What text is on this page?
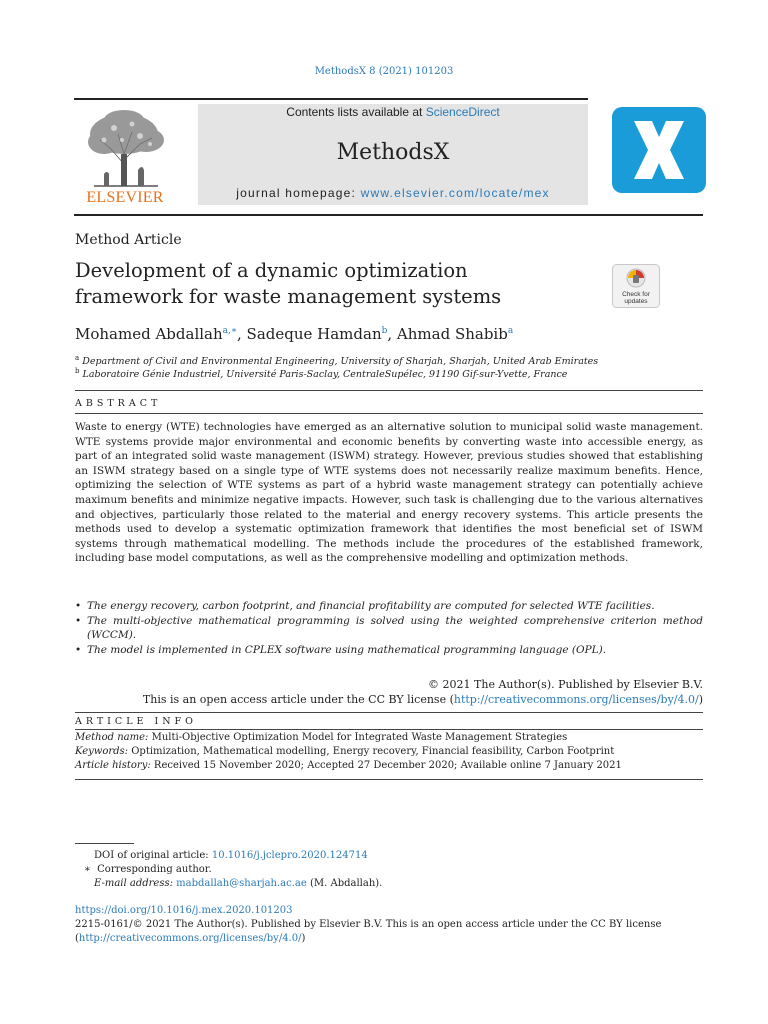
MethodsX 8 (2021) 101203
ELSEVIER
Contents lists available at ScienceDirect
MethodsX
journal homepage: www.elsevier.com/locate/mex
Method Article
Development of a dynamic optimization
framework for waste management systems	Check for
updates
Mohamed Abdallah$^{a,∗}$, Sadeque Hamdan$^b$, Ahmad Shabib$^a$
$^a$ Department of Civil and Environmental Engineering, University of Sharjah, Sharjah, United Arab Emirates
$^b$ Laboratoire Génie Industriel, Université Paris-Saclay, CentraleSupélec, 91190 Gif-sur-Yvette, France
ABSTRACT
Waste to energy (WTE) technologies have emerged as an alternative solution to municipal solid waste management. WTE systems provide major environmental and economic benefits by converting waste into accessible energy, as part of an integrated solid waste management (ISWM) strategy. However, previous studies showed that establishing an ISWM strategy based on a single type of WTE systems does not necessarily realize maximum benefits. Hence, optimizing the selection of WTE systems as part of a hybrid waste management strategy can potentially achieve maximum benefits and minimize negative impacts. However, such task is challenging due to the various alternatives and objectives, particularly those related to the material and energy recovery systems. This article presents the methods used to develop a systematic optimization framework that identifies the most beneficial set of ISWM systems through mathematical modelling. The methods include the procedures of the established framework, including base model computations, as well as the comprehensive modelling and optimization methods.
• The energy recovery, carbon footprint, and financial profitability are computed for selected WTE facilities.
• The multi-objective mathematical programming is solved using the weighted comprehensive criterion method (WCCM).
• The model is implemented in CPLEX software using mathematical programming language (OPL).
© 2021 The Author(s). Published by Elsevier B.V.
This is an open access article under the CC BY license (http://creativecommons.org/licenses/by/4.0/)
ARTICLE INFO
Method name: Multi-Objective Optimization Model for Integrated Waste Management Strategies
Keywords: Optimization, Mathematical modelling, Energy recovery, Financial feasibility, Carbon Footprint
Article history: Received 15 November 2020; Accepted 27 December 2020; Available online 7 January 2021
DOI of original article: 10.1016/j.jclepro.2020.124714
∗ Corresponding author.
E-mail address: mabdallah@sharjah.ac.ae (M. Abdallah).
https://doi.org/10.1016/j.mex.2020.101203
2215-0161/© 2021 The Author(s). Published by Elsevier B.V. This is an open access article under the CC BY license
(http://creativecommons.org/licenses/by/4.0/)
